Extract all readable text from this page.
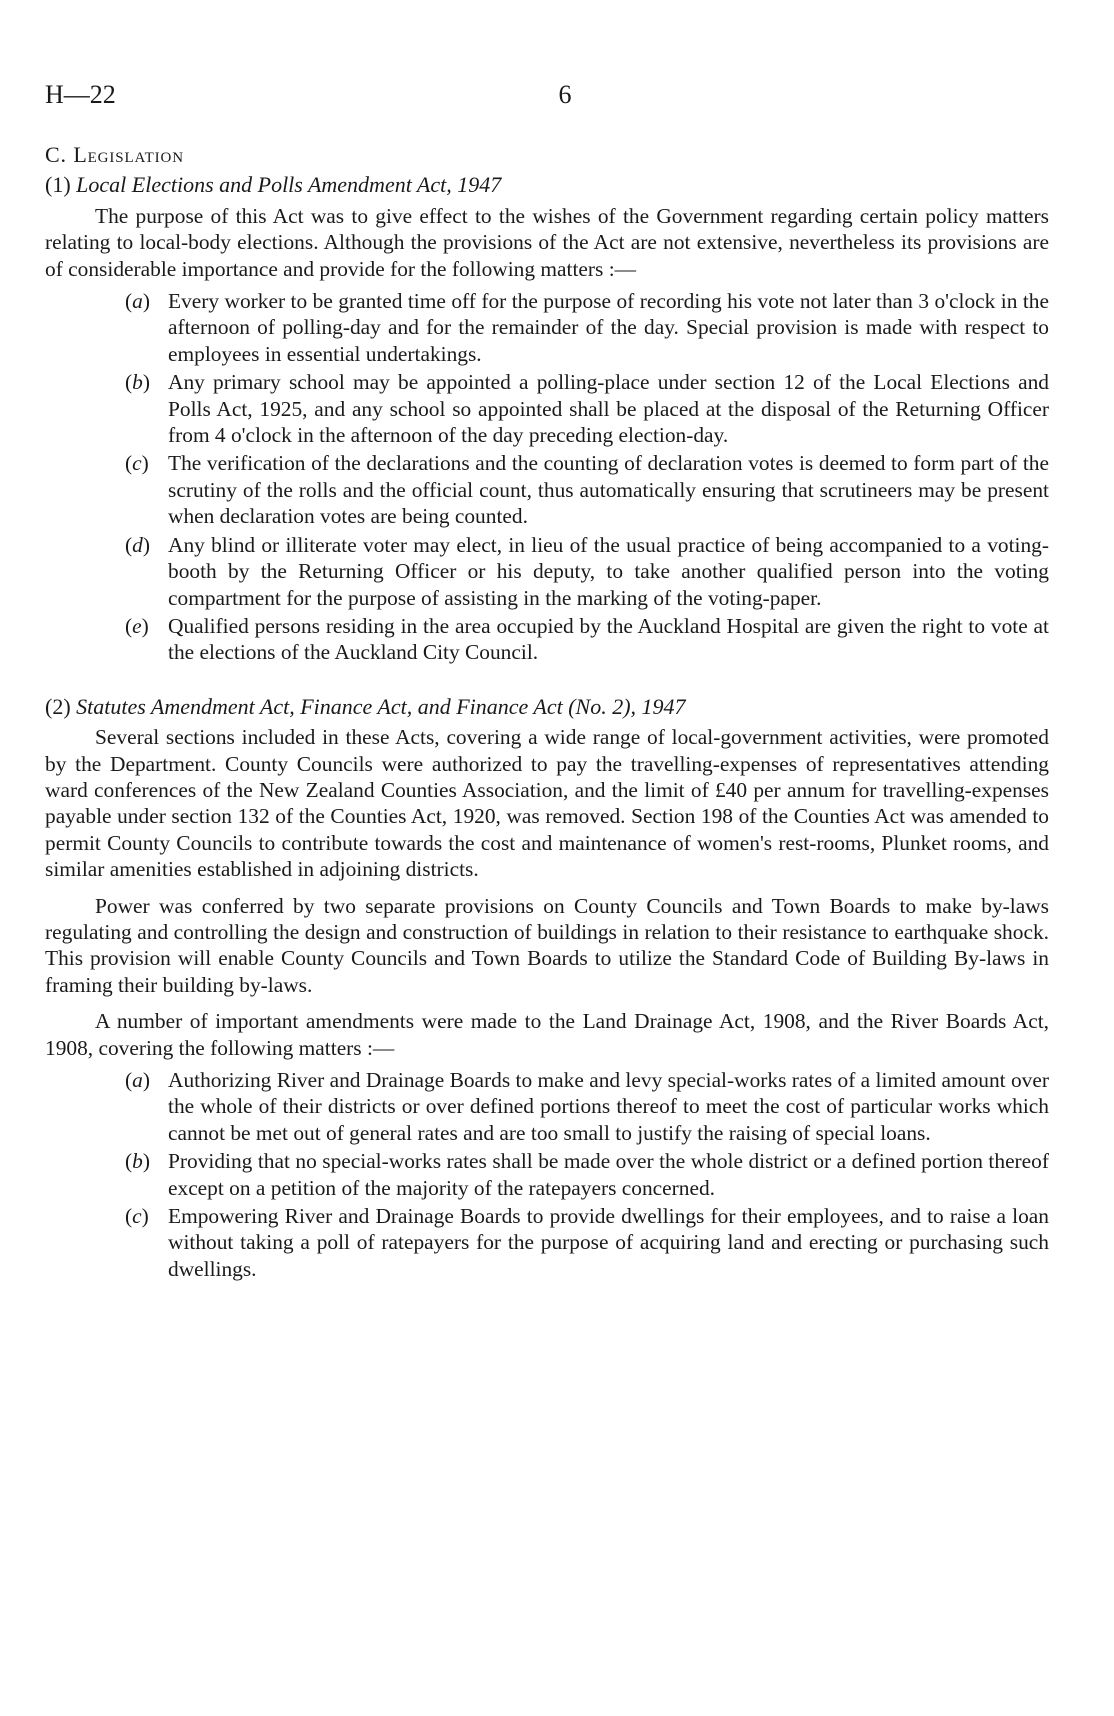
H—22	6
C. Legislation
(1) Local Elections and Polls Amendment Act, 1947

The purpose of this Act was to give effect to the wishes of the Government regarding certain policy matters relating to local-body elections. Although the provisions of the Act are not extensive, nevertheless its provisions are of considerable importance and provide for the following matters :—

(a) Every worker to be granted time off for the purpose of recording his vote not later than 3 o'clock in the afternoon of polling-day and for the remainder of the day. Special provision is made with respect to employees in essential undertakings.
(b) Any primary school may be appointed a polling-place under section 12 of the Local Elections and Polls Act, 1925, and any school so appointed shall be placed at the disposal of the Returning Officer from 4 o'clock in the afternoon of the day preceding election-day.
(c) The verification of the declarations and the counting of declaration votes is deemed to form part of the scrutiny of the rolls and the official count, thus automatically ensuring that scrutineers may be present when declaration votes are being counted.
(d) Any blind or illiterate voter may elect, in lieu of the usual practice of being accompanied to a voting-booth by the Returning Officer or his deputy, to take another qualified person into the voting compartment for the purpose of assisting in the marking of the voting-paper.
(e) Qualified persons residing in the area occupied by the Auckland Hospital are given the right to vote at the elections of the Auckland City Council.
(2) Statutes Amendment Act, Finance Act, and Finance Act (No. 2), 1947

Several sections included in these Acts, covering a wide range of local-government activities, were promoted by the Department. County Councils were authorized to pay the travelling-expenses of representatives attending ward conferences of the New Zealand Counties Association, and the limit of £40 per annum for travelling-expenses payable under section 132 of the Counties Act, 1920, was removed. Section 198 of the Counties Act was amended to permit County Councils to contribute towards the cost and maintenance of women's rest-rooms, Plunket rooms, and similar amenities established in adjoining districts.

Power was conferred by two separate provisions on County Councils and Town Boards to make by-laws regulating and controlling the design and construction of buildings in relation to their resistance to earthquake shock. This provision will enable County Councils and Town Boards to utilize the Standard Code of Building By-laws in framing their building by-laws.

A number of important amendments were made to the Land Drainage Act, 1908, and the River Boards Act, 1908, covering the following matters :—

(a) Authorizing River and Drainage Boards to make and levy special-works rates of a limited amount over the whole of their districts or over defined portions thereof to meet the cost of particular works which cannot be met out of general rates and are too small to justify the raising of special loans.
(b) Providing that no special-works rates shall be made over the whole district or a defined portion thereof except on a petition of the majority of the ratepayers concerned.
(c) Empowering River and Drainage Boards to provide dwellings for their employees, and to raise a loan without taking a poll of ratepayers for the purpose of acquiring land and erecting or purchasing such dwellings.
